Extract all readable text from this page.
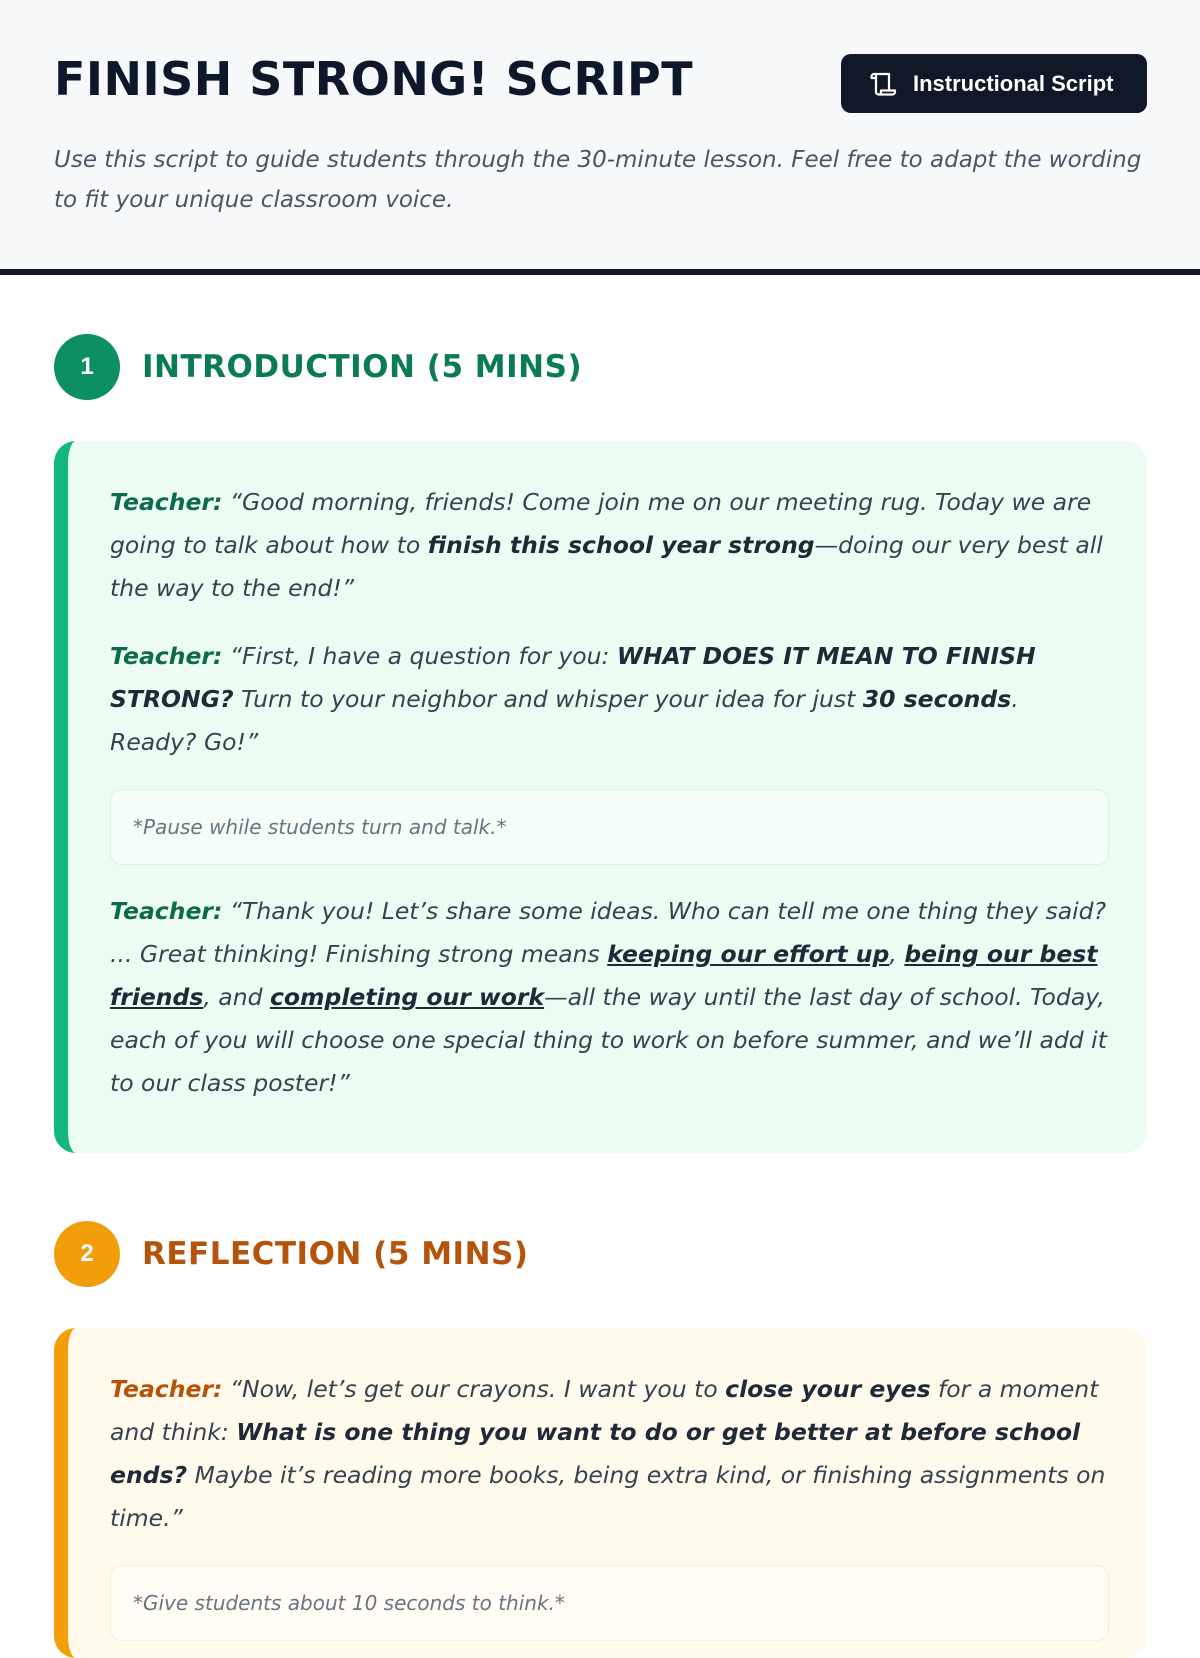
FINISH STRONG! SCRIPT	Instructional Script

Use this script to guide students through the 30-minute lesson. Feel free to adapt the wording to fit your unique classroom voice.

1	INTRODUCTION (5 MINS)

Teacher: “Good morning, friends! Come join me on our meeting rug. Today we are going to talk about how to finish this school year strong—doing our very best all the way to the end!”

Teacher: “First, I have a question for you: WHAT DOES IT MEAN TO FINISH STRONG? Turn to your neighbor and whisper your idea for just 30 seconds. Ready? Go!”

*Pause while students turn and talk.*

Teacher: “Thank you! Let’s share some ideas. Who can tell me one thing they said? ... Great thinking! Finishing strong means keeping our effort up, being our best friends, and completing our work—all the way until the last day of school. Today, each of you will choose one special thing to work on before summer, and we’ll add it to our class poster!”

2	REFLECTION (5 MINS)

Teacher: “Now, let’s get our crayons. I want you to close your eyes for a moment and think: What is one thing you want to do or get better at before school ends? Maybe it’s reading more books, being extra kind, or finishing assignments on time.”

*Give students about 10 seconds to think.*
